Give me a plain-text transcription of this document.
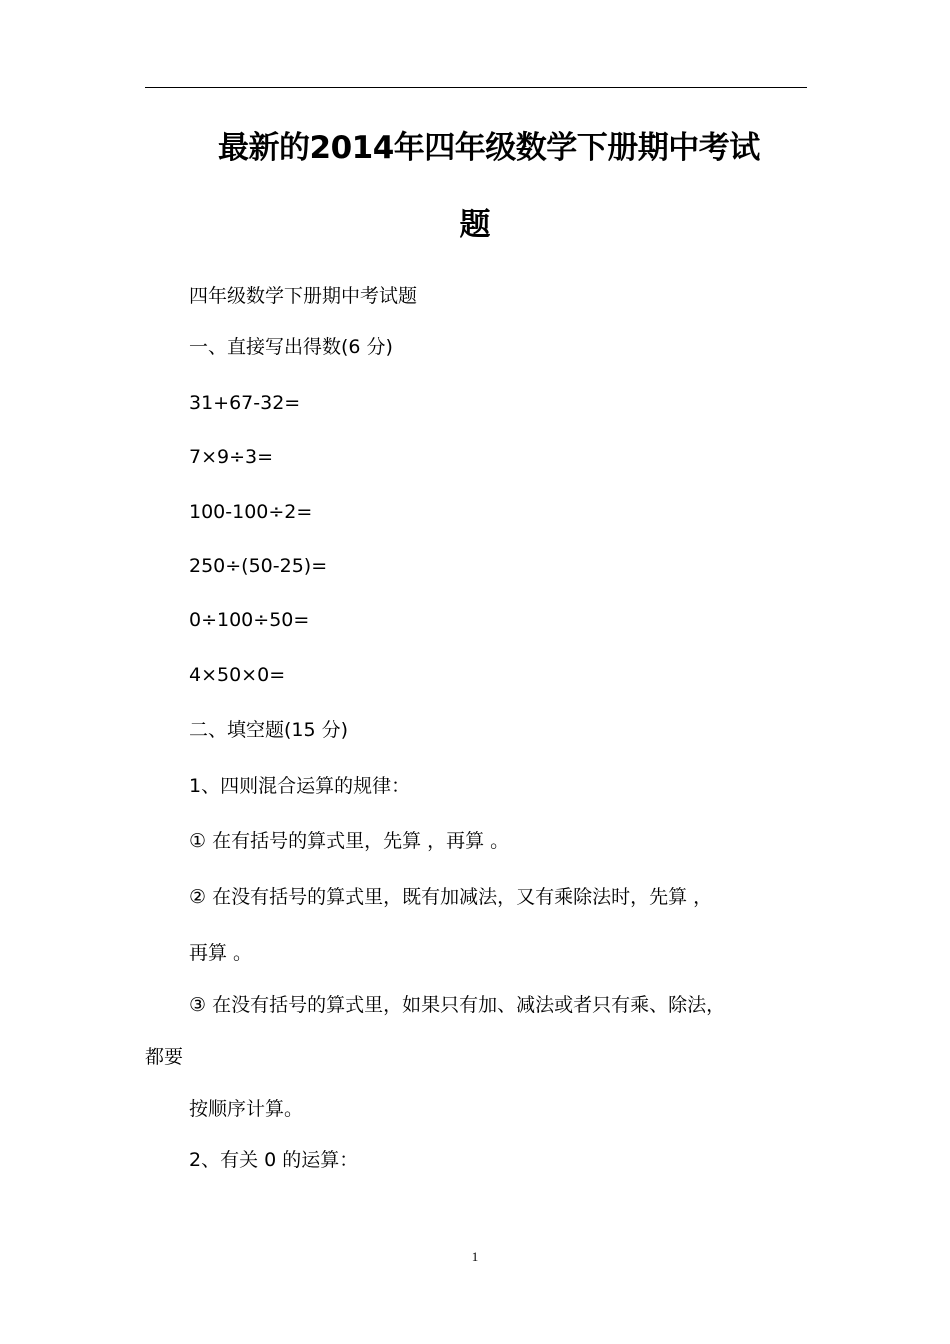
最新的2014年四年级数学下册期中考试
题
四年级数学下册期中考试题
一、直接写出得数(6 分)
31+67-32=
7×9÷3=
100-100÷2=
250÷(50-25)=
0÷100÷50=
4×50×0=
二、填空题(15 分)
1、四则混合运算的规律：
① 在有括号的算式里，先算 ，再算 。
② 在没有括号的算式里，既有加减法，又有乘除法时，先算 ，
再算 。
③ 在没有括号的算式里，如果只有加、减法或者只有乘、除法，
都要
按顺序计算。
2、有关 0 的运算：
1
